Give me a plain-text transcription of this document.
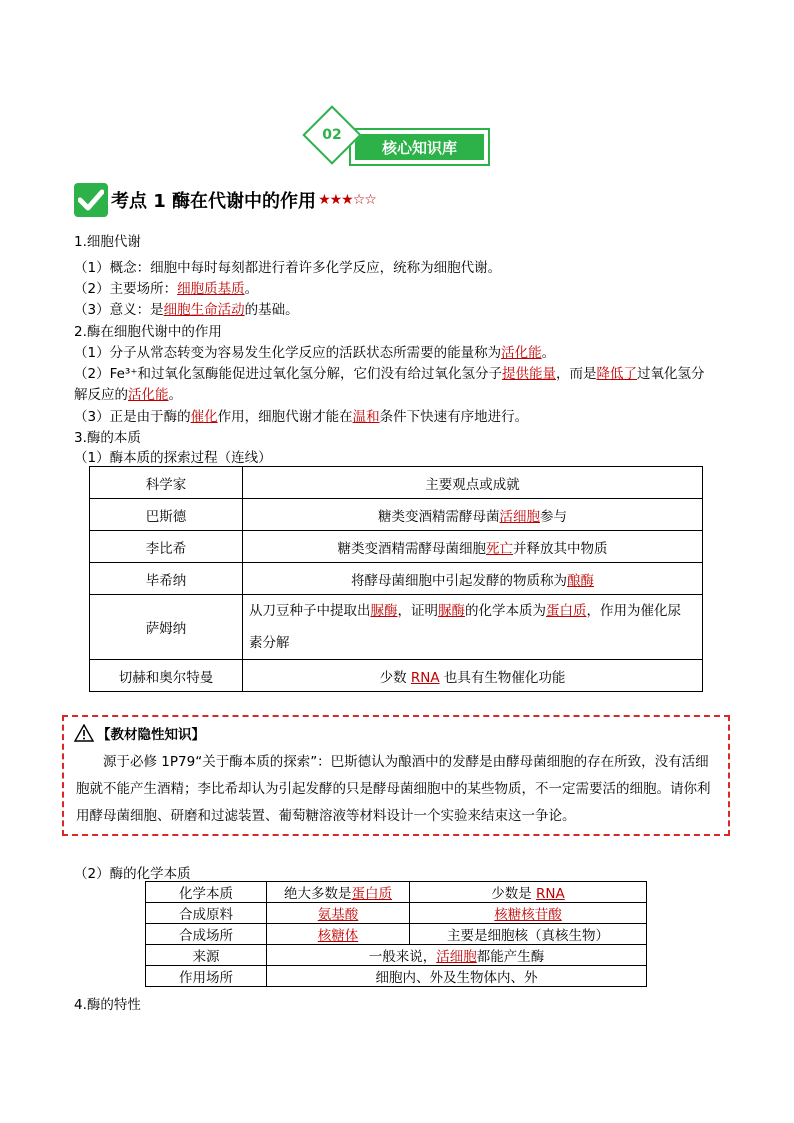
核心知识库
02
考点 1 酶在代谢中的作用 ★★★☆☆
1.细胞代谢
（1）概念：细胞中每时每刻都进行着许多化学反应，统称为细胞代谢。
（2）主要场所：细胞质基质。
（3）意义：是细胞生命活动的基础。
2.酶在细胞代谢中的作用
（1）分子从常态转变为容易发生化学反应的活跃状态所需要的能量称为活化能。
（2）Fe³⁺和过氧化氢酶能促进过氧化氢分解，它们没有给过氧化氢分子提供能量，而是降低了过氧化氢分
解反应的活化能。
（3）正是由于酶的催化作用，细胞代谢才能在温和条件下快速有序地进行。
3.酶的本质
（1）酶本质的探索过程（连线）
科学家	主要观点或成就
巴斯德	糖类变酒精需酵母菌活细胞参与
李比希	糖类变酒精需酵母菌细胞死亡并释放其中物质
毕希纳	将酵母菌细胞中引起发酵的物质称为酿酶
萨姆纳	从刀豆种子中提取出脲酶，证明脲酶的化学本质为蛋白质，作用为催化尿
素分解
切赫和奥尔特曼	少数 RNA 也具有生物催化功能
【教材隐性知识】
源于必修 1P79“关于酶本质的探索”：巴斯德认为酿酒中的发酵是由酵母菌细胞的存在所致，没有活细胞就不能产生酒精；李比希却认为引起发酵的只是酵母菌细胞中的某些物质，不一定需要活的细胞。请你利用酵母菌细胞、研磨和过滤装置、葡萄糖溶液等材料设计一个实验来结束这一争论。
（2）酶的化学本质
化学本质	绝大多数是蛋白质	少数是 RNA
合成原料	氨基酸	核糖核苷酸
合成场所	核糖体	主要是细胞核（真核生物）
来源	一般来说，活细胞都能产生酶	
作用场所	细胞内、外及生物体内、外	
4.酶的特性
